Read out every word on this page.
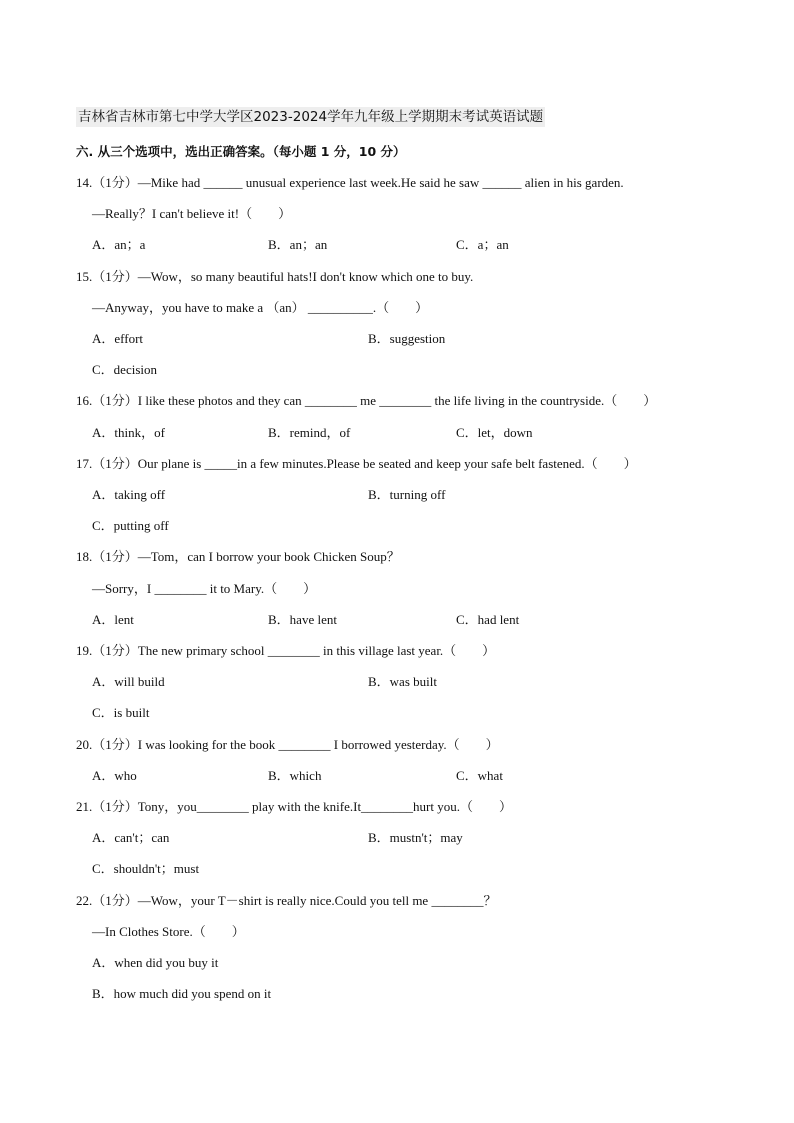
吉林省吉林市第七中学大学区2023-2024学年九年级上学期期末考试英语试题
六. 从三个选项中，选出正确答案。（每小题 1 分，10 分）
14.（1分）—Mike had ______ unusual experience last week.He said he saw ______ alien in his garden.
—Really？I can't believe it!（　　）
A．an；a	B．an；an	C．a；an
15.（1分）—Wow，so many beautiful hats!I don't know which one to buy.
—Anyway，you have to make a （an） __________.（　　）
A．effort	B．suggestion
C．decision
16.（1分）I like these photos and they can ________ me ________ the life living in the countryside.（　　）
A．think，of	B．remind，of	C．let，down
17.（1分）Our plane is _____in a few minutes.Please be seated and keep your safe belt fastened.（　　）
A．taking off	B．turning off
C．putting off
18.（1分）—Tom，can I borrow your book Chicken Soup？
—Sorry，I ________ it to Mary.（　　）
A．lent	B．have lent	C．had lent
19.（1分）The new primary school ________ in this village last year.（　　）
A．will build	B．was built
C．is built
20.（1分）I was looking for the book ________ I borrowed yesterday.（　　）
A．who	B．which	C．what
21.（1分）Tony，you________ play with the knife.It________hurt you.（　　）
A．can't；can	B．mustn't；may
C．shouldn't；must
22.（1分）—Wow，your T－shirt is really nice.Could you tell me ________？
—In Clothes Store.（　　）
A．when did you buy it
B．how much did you spend on it
